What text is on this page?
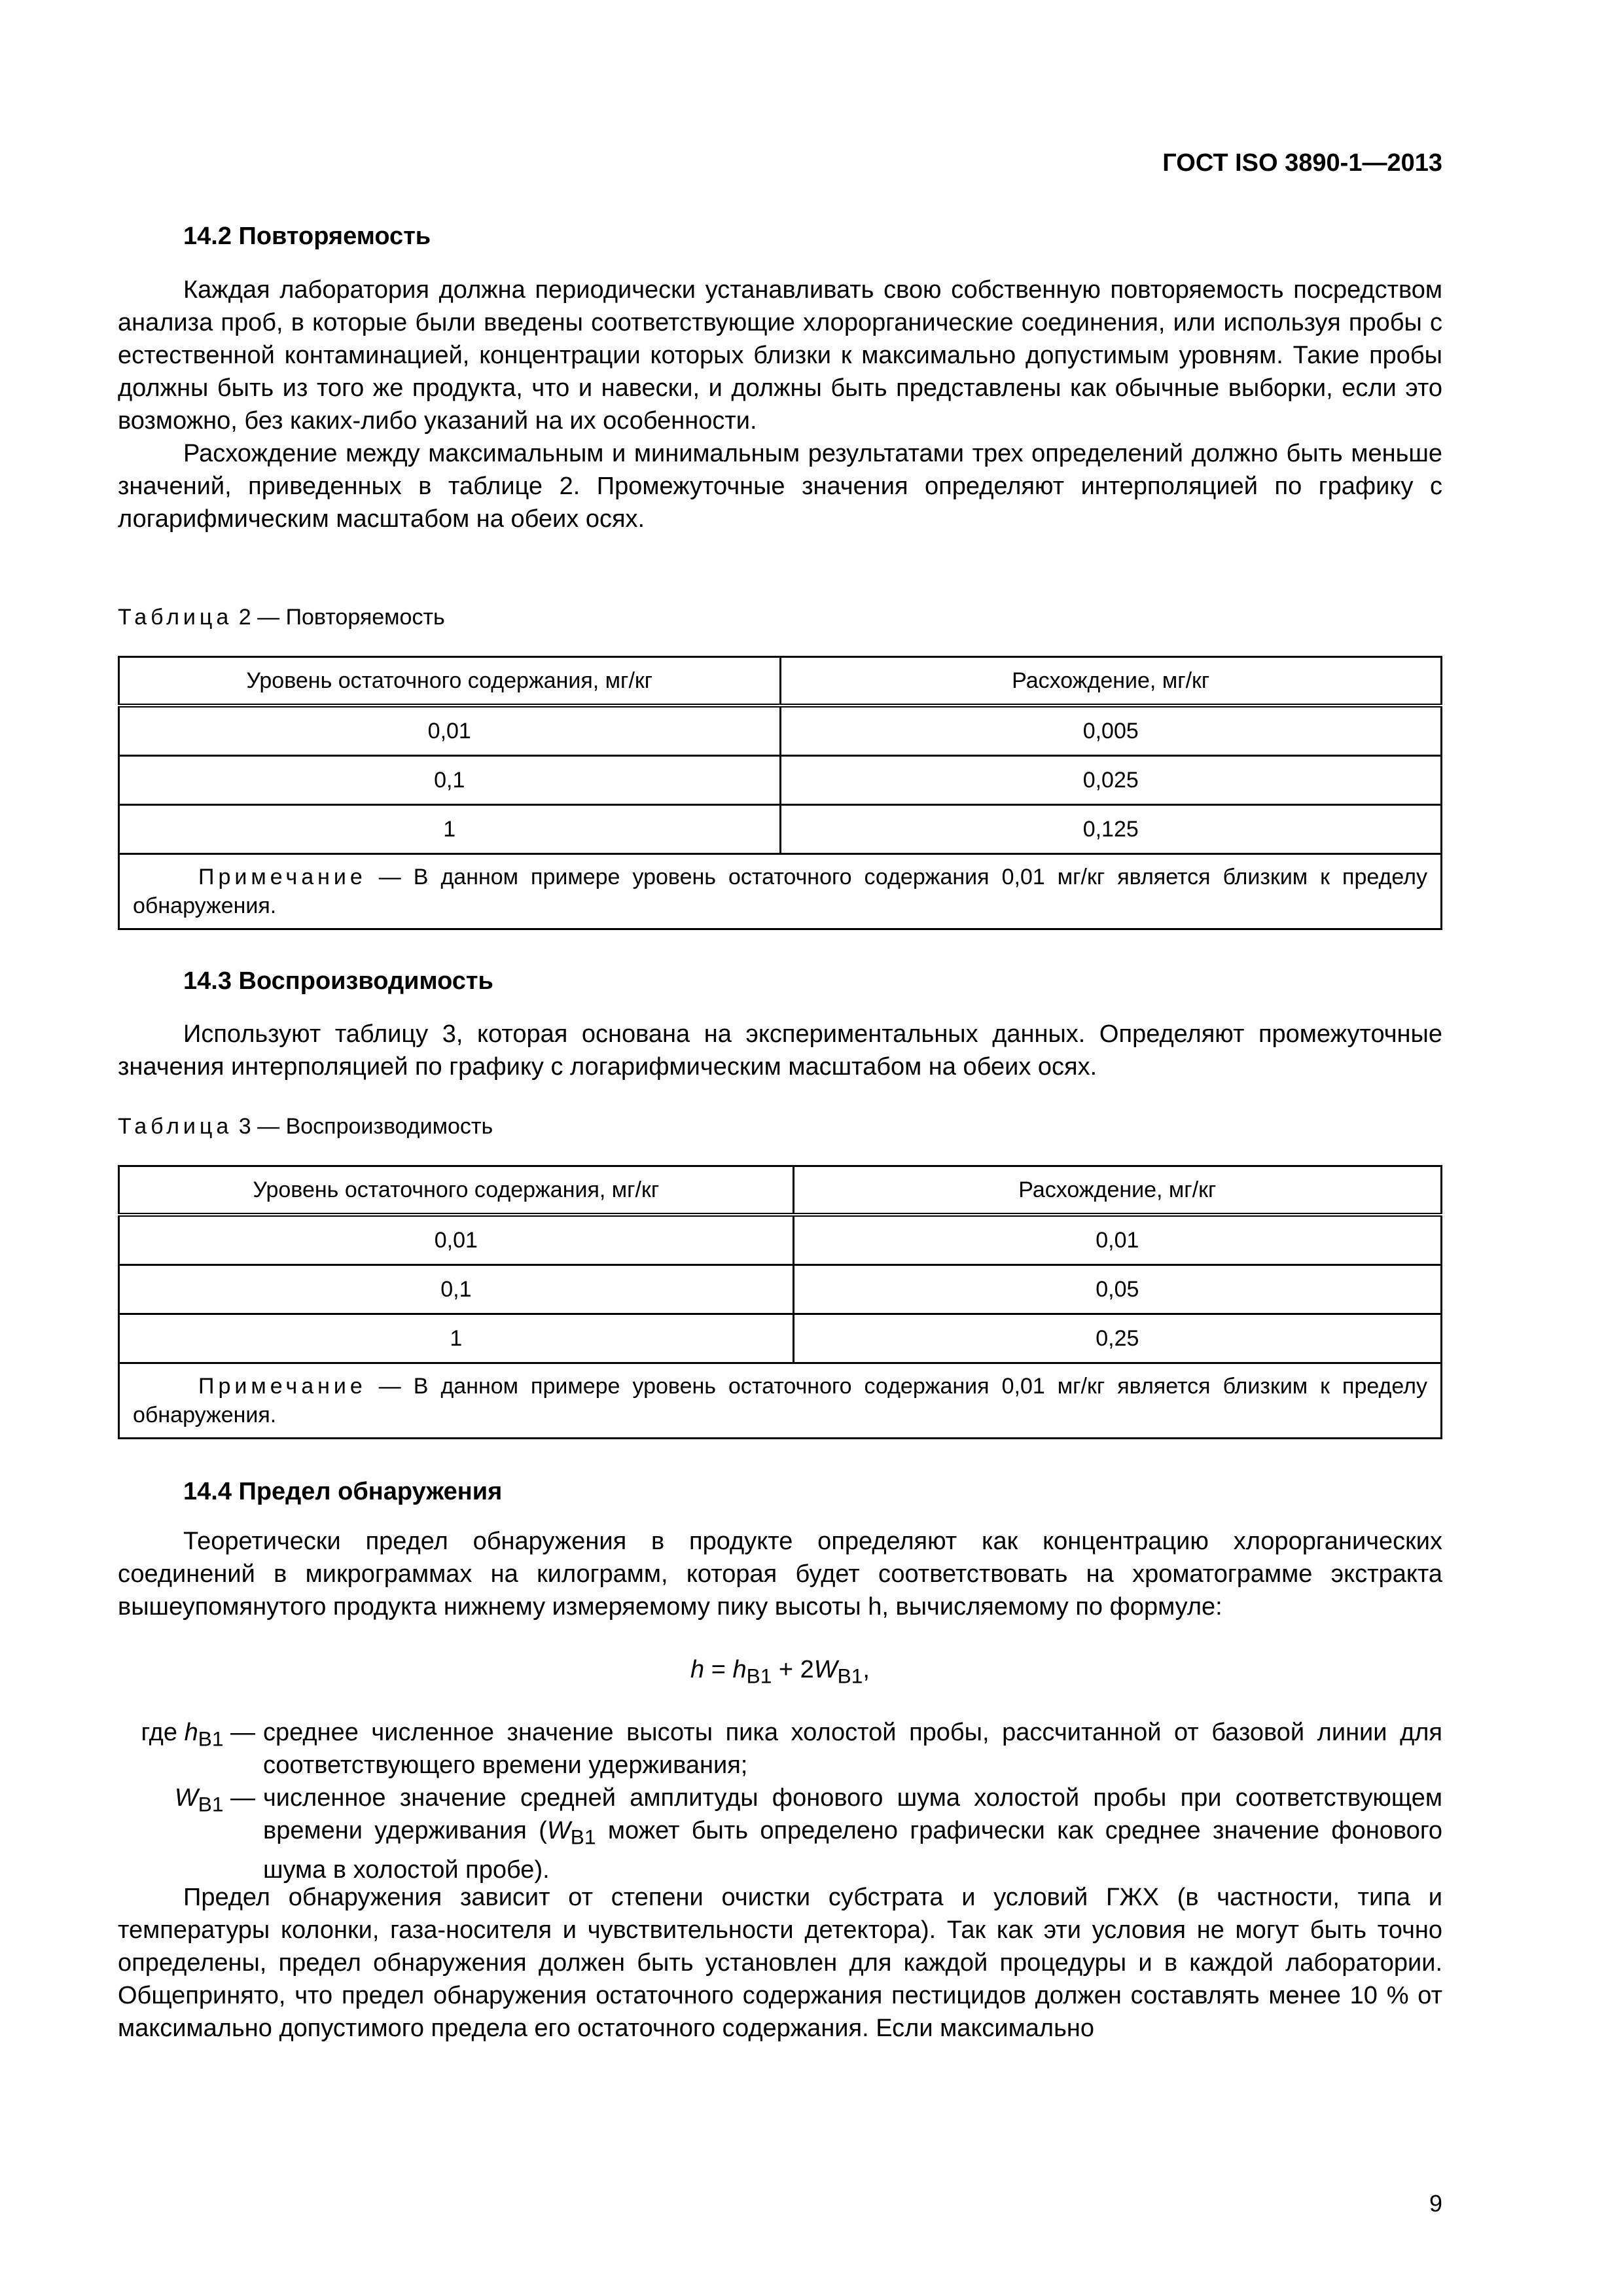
ГОСТ ISO 3890-1—2013

14.2 Повторяемость

Каждая лаборатория должна периодически устанавливать свою собственную повторяемость посредством анализа проб, в которые были введены соответствующие хлорорганические соединения, или используя пробы с естественной контаминацией, концентрации которых близки к максимально допустимым уровням. Такие пробы должны быть из того же продукта, что и навески, и должны быть представлены как обычные выборки, если это возможно, без каких-либо указаний на их особенности.

Расхождение между максимальным и минимальным результатами трех определений должно быть меньше значений, приведенных в таблице 2. Промежуточные значения определяют интерполяцией по графику с логарифмическим масштабом на обеих осях.

Таблица 2 — Повторяемость

Уровень остаточного содержания, мг/кг	Расхождение, мг/кг
0,01	0,005
0,1	0,025
1	0,125
Примечание — В данном примере уровень остаточного содержания 0,01 мг/кг является близким к пределу обнаружения.	

14.3 Воспроизводимость

Используют таблицу 3, которая основана на экспериментальных данных. Определяют промежуточные значения интерполяцией по графику с логарифмическим масштабом на обеих осях.

Таблица 3 — Воспроизводимость

Уровень остаточного содержания, мг/кг	Расхождение, мг/кг
0,01	0,01
0,1	0,05
1	0,25
Примечание — В данном примере уровень остаточного содержания 0,01 мг/кг является близким к пределу обнаружения.	

14.4 Предел обнаружения

Теоретически предел обнаружения в продукте определяют как концентрацию хлорорганических соединений в микрограммах на килограмм, которая будет соответствовать на хроматограмме экстракта вышеупомянутого продукта нижнему измеряемому пику высоты h, вычисляемому по формуле:

$h = h_{B1} + 2W_{B1}$,

где $h_{B1}$ — среднее численное значение высоты пика холостой пробы, рассчитанной от базовой линии для соответствующего времени удерживания;
$W_{B1}$ — численное значение средней амплитуды фонового шума холостой пробы при соответствующем времени удерживания ($W_{B1}$ может быть определено графически как среднее значение фонового шума в холостой пробе).

Предел обнаружения зависит от степени очистки субстрата и условий ГЖХ (в частности, типа и температуры колонки, газа-носителя и чувствительности детектора). Так как эти условия не могут быть точно определены, предел обнаружения должен быть установлен для каждой процедуры и в каждой лаборатории. Общепринято, что предел обнаружения остаточного содержания пестицидов должен составлять менее 10 % от максимально допустимого предела его остаточного содержания. Если максимально

9
